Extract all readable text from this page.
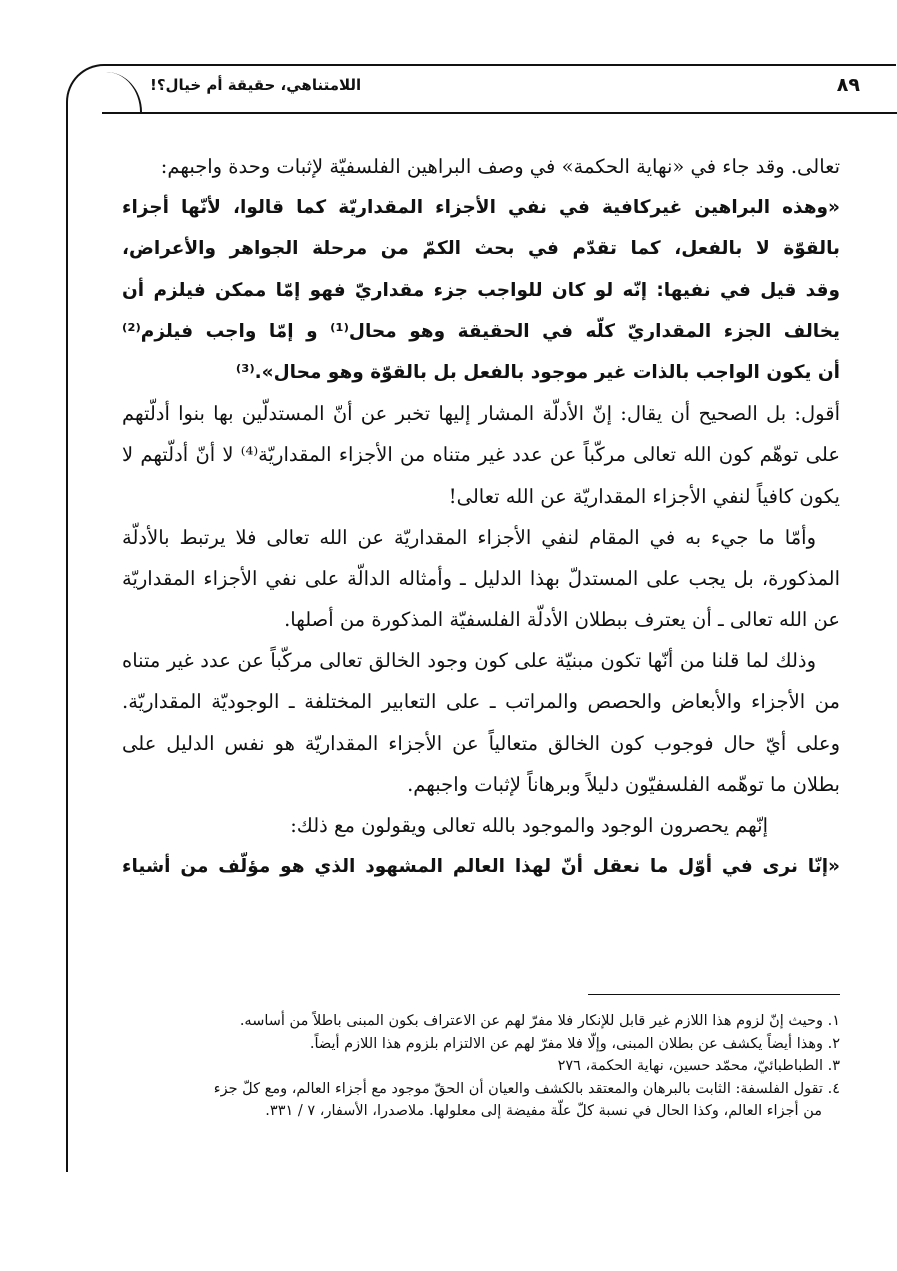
اللامتناهي، حقيقة أم خيال؟!	٨٩
تعالى. وقد جاء في «نهاية الحكمة» في وصف البراهين الفلسفيّة لإثبات وحدة واجبهم:
«وهذه البراهين غيركافية في نفي الأجزاء المقداريّة كما قالوا، لأنّها أجزاء
بالقوّة لا بالفعل، كما تقدّم في بحث الكمّ من مرحلة الجواهر والأعراض،
وقد قيل في نفيها: إنّه لو كان للواجب جزء مقداريّ فهو إمّا ممكن فيلزم أن
يخالف الجزء المقداريّ كلّه في الحقيقة وهو محال⁽¹⁾ و إمّا واجب فيلزم⁽²⁾
أن يكون الواجب بالذات غير موجود بالفعل بل بالقوّة وهو محال».⁽³⁾
أقول: بل الصحيح أن يقال: إنّ الأدلّة المشار إليها تخبر عن أنّ المستدلّين بها بنوا أدلّتهم
على توهّم كون الله تعالى مركّباً عن عدد غير متناه من الأجزاء المقداريّة⁽⁴⁾ لا أنّ أدلّتهم لا
يكون كافياً لنفي الأجزاء المقداريّة عن الله تعالى!
وأمّا ما جيء به في المقام لنفي الأجزاء المقداريّة عن الله تعالى فلا يرتبط بالأدلّة
المذكورة، بل يجب على المستدلّ بهذا الدليل ـ وأمثاله الدالّة على نفي الأجزاء المقداريّة
عن الله تعالى ـ أن يعترف ببطلان الأدلّة الفلسفيّة المذكورة من أصلها.
وذلك لما قلنا من أنّها تكون مبنيّة على كون وجود الخالق تعالى مركّباً عن عدد غير متناه
من الأجزاء والأبعاض والحصص والمراتب ـ على التعابير المختلفة ـ الوجوديّة المقداريّة.
وعلى أيّ حال فوجوب كون الخالق متعالياً عن الأجزاء المقداريّة هو نفس الدليل على
بطلان ما توهّمه الفلسفيّون دليلاً وبرهاناً لإثبات واجبهم.
إنّهم يحصرون الوجود والموجود بالله تعالى ويقولون مع ذلك:
«إنّا نرى في أوّل ما نعقل أنّ لهذا العالم المشهود الذي هو مؤلّف من أشياء
١. وحيث إنّ لزوم هذا اللازم غير قابل للإنكار فلا مفرّ لهم عن الاعتراف بكون المبنى باطلاً من أساسه.
٢. وهذا أيضاً يكشف عن بطلان المبنى، وإلّا فلا مفرّ لهم عن الالتزام بلزوم هذا اللازم أيضاً.
٣. الطباطبائيّ، محمّد حسين، نهاية الحكمة، ٢٧٦
٤. تقول الفلسفة: الثابت بالبرهان والمعتقد بالكشف والعيان أن الحقّ موجود مع أجزاء العالم، ومع كلّ جزء
من أجزاء العالم، وكذا الحال في نسبة كلّ علّة مفيضة إلى معلولها. ملاصدرا، الأسفار، ٧ / ٣٣١.
